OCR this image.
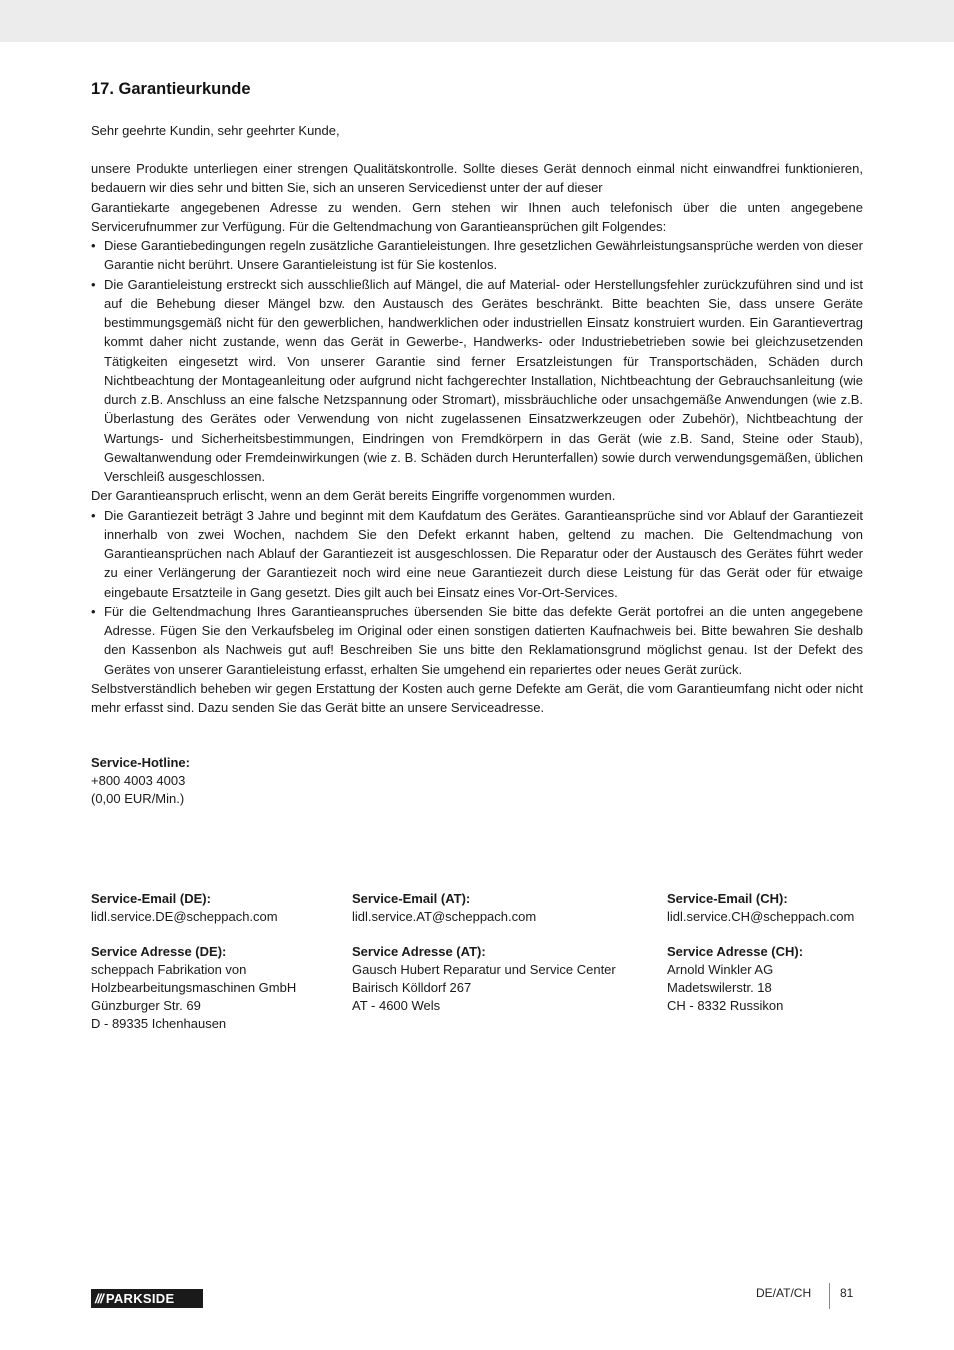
17. Garantieurkunde

Sehr geehrte Kundin, sehr geehrter Kunde,

unsere Produkte unterliegen einer strengen Qualitätskontrolle. Sollte dieses Gerät dennoch einmal nicht einwandfrei funktionieren, bedauern wir dies sehr und bitten Sie, sich an unseren Servicedienst unter der auf dieser

Garantiekarte angegebenen Adresse zu wenden. Gern stehen wir Ihnen auch telefonisch über die unten angegebene Servicerufnummer zur Verfügung. Für die Geltendmachung von Garantieansprüchen gilt Folgendes:

• Diese Garantiebedingungen regeln zusätzliche Garantieleistungen. Ihre gesetzlichen Gewährleistungsansprüche werden von dieser Garantie nicht berührt. Unsere Garantieleistung ist für Sie kostenlos.
• Die Garantieleistung erstreckt sich ausschließlich auf Mängel, die auf Material- oder Herstellungsfehler zurückzuführen sind und ist auf die Behebung dieser Mängel bzw. den Austausch des Gerätes beschränkt. Bitte beachten Sie, dass unsere Geräte bestimmungsgemäß nicht für den gewerblichen, handwerklichen oder industriellen Einsatz konstruiert wurden. Ein Garantievertrag kommt daher nicht zustande, wenn das Gerät in Gewerbe-, Handwerks- oder Industriebetrieben sowie bei gleichzusetzenden Tätigkeiten eingesetzt wird. Von unserer Garantie sind ferner Ersatzleistungen für Transportschäden, Schäden durch Nichtbeachtung der Montageanleitung oder aufgrund nicht fachgerechter Installation, Nichtbeachtung der Gebrauchsanleitung (wie durch z.B. Anschluss an eine falsche Netzspannung oder Stromart), missbräuchliche oder unsachgemäße Anwendungen (wie z.B. Überlastung des Gerätes oder Verwendung von nicht zugelassenen Einsatzwerkzeugen oder Zubehör), Nichtbeachtung der Wartungs- und Sicherheitsbestimmungen, Eindringen von Fremdkörpern in das Gerät (wie z.B. Sand, Steine oder Staub), Gewaltanwendung oder Fremdeinwirkungen (wie z. B. Schäden durch Herunterfallen) sowie durch verwendungsgemäßen, üblichen Verschleiß ausgeschlossen.

Der Garantieanspruch erlischt, wenn an dem Gerät bereits Eingriffe vorgenommen wurden.

• Die Garantiezeit beträgt 3 Jahre und beginnt mit dem Kaufdatum des Gerätes. Garantieansprüche sind vor Ablauf der Garantiezeit innerhalb von zwei Wochen, nachdem Sie den Defekt erkannt haben, geltend zu machen. Die Geltendmachung von Garantieansprüchen nach Ablauf der Garantiezeit ist ausgeschlossen. Die Reparatur oder der Austausch des Gerätes führt weder zu einer Verlängerung der Garantiezeit noch wird eine neue Garantiezeit durch diese Leistung für das Gerät oder für etwaige eingebaute Ersatzteile in Gang gesetzt. Dies gilt auch bei Einsatz eines Vor-Ort-Services.
• Für die Geltendmachung Ihres Garantieanspruches übersenden Sie bitte das defekte Gerät portofrei an die unten angegebene Adresse. Fügen Sie den Verkaufsbeleg im Original oder einen sonstigen datierten Kaufnachweis bei. Bitte bewahren Sie deshalb den Kassenbon als Nachweis gut auf! Beschreiben Sie uns bitte den Reklamationsgrund möglichst genau. Ist der Defekt des Gerätes von unserer Garantieleistung erfasst, erhalten Sie umgehend ein repariertes oder neues Gerät zurück.

Selbstverständlich beheben wir gegen Erstattung der Kosten auch gerne Defekte am Gerät, die vom Garantieumfang nicht oder nicht mehr erfasst sind. Dazu senden Sie das Gerät bitte an unsere Serviceadresse.

Service-Hotline:
+800 4003 4003
(0,00 EUR/Min.)
Service-Email (DE):
lidl.service.DE@scheppach.com
Service Adresse (DE):
scheppach Fabrikation von
Holzbearbeitungsmaschinen GmbH
Günzburger Str. 69
D - 89335 Ichenhausen
Service-Email (AT):
lidl.service.AT@scheppach.com
Service Adresse (AT):
Gausch Hubert Reparatur und Service Center
Bairisch Kölldorf 267
AT - 4600 Wels
Service-Email (CH):
lidl.service.CH@scheppach.com
Service Adresse (CH):
Arnold Winkler AG
Madetswilerstr. 18
CH - 8332 Russikon
/// PARKSIDE	DE/AT/CH 81
